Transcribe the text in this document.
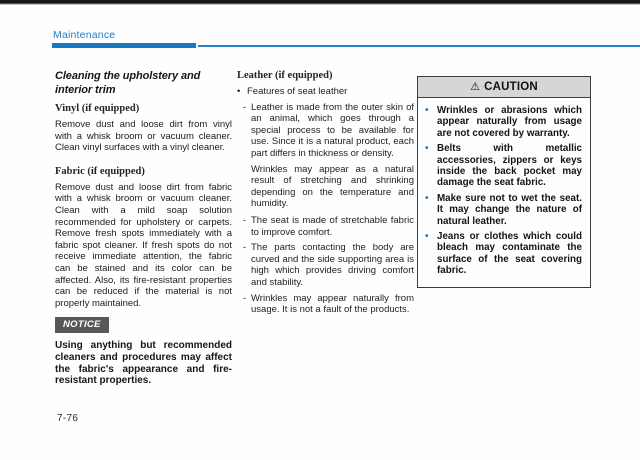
Maintenance
Cleaning the upholstery and interior trim
Vinyl (if equipped)

Remove dust and loose dirt from vinyl with a whisk broom or vacuum cleaner. Clean vinyl surfaces with a vinyl cleaner.

Fabric (if equipped)

Remove dust and loose dirt from fabric with a whisk broom or vacuum cleaner. Clean with a mild soap solution recommended for upholstery or carpets. Remove fresh spots immediately with a fabric spot cleaner. If fresh spots do not receive immediate attention, the fabric can be stained and its color can be affected. Also, its fire-resistant properties can be reduced if the material is not properly maintained.

NOTICE

Using anything but recommended cleaners and procedures may affect the fabric's appearance and fire-resistant properties.

Leather (if equipped)
• Features of seat leather
- Leather is made from the outer skin of an animal, which goes through a special process to be available for use. Since it is a natural product, each part differs in thickness or density.

Wrinkles may appear as a natural result of stretching and shrinking depending on the temperature and humidity.

- The seat is made of stretchable fabric to improve comfort.
- The parts contacting the body are curved and the side supporting area is high which provides driving comfort and stability.
- Wrinkles may appear naturally from usage. It is not a fault of the products.
⚠ CAUTION
• Wrinkles or abrasions which appear naturally from usage are not covered by warranty.
• Belts with metallic accessories, zippers or keys inside the back pocket may damage the seat fabric.
• Make sure not to wet the seat. It may change the nature of natural leather.
• Jeans or clothes which could bleach may contaminate the surface of the seat covering fabric.
7-76
